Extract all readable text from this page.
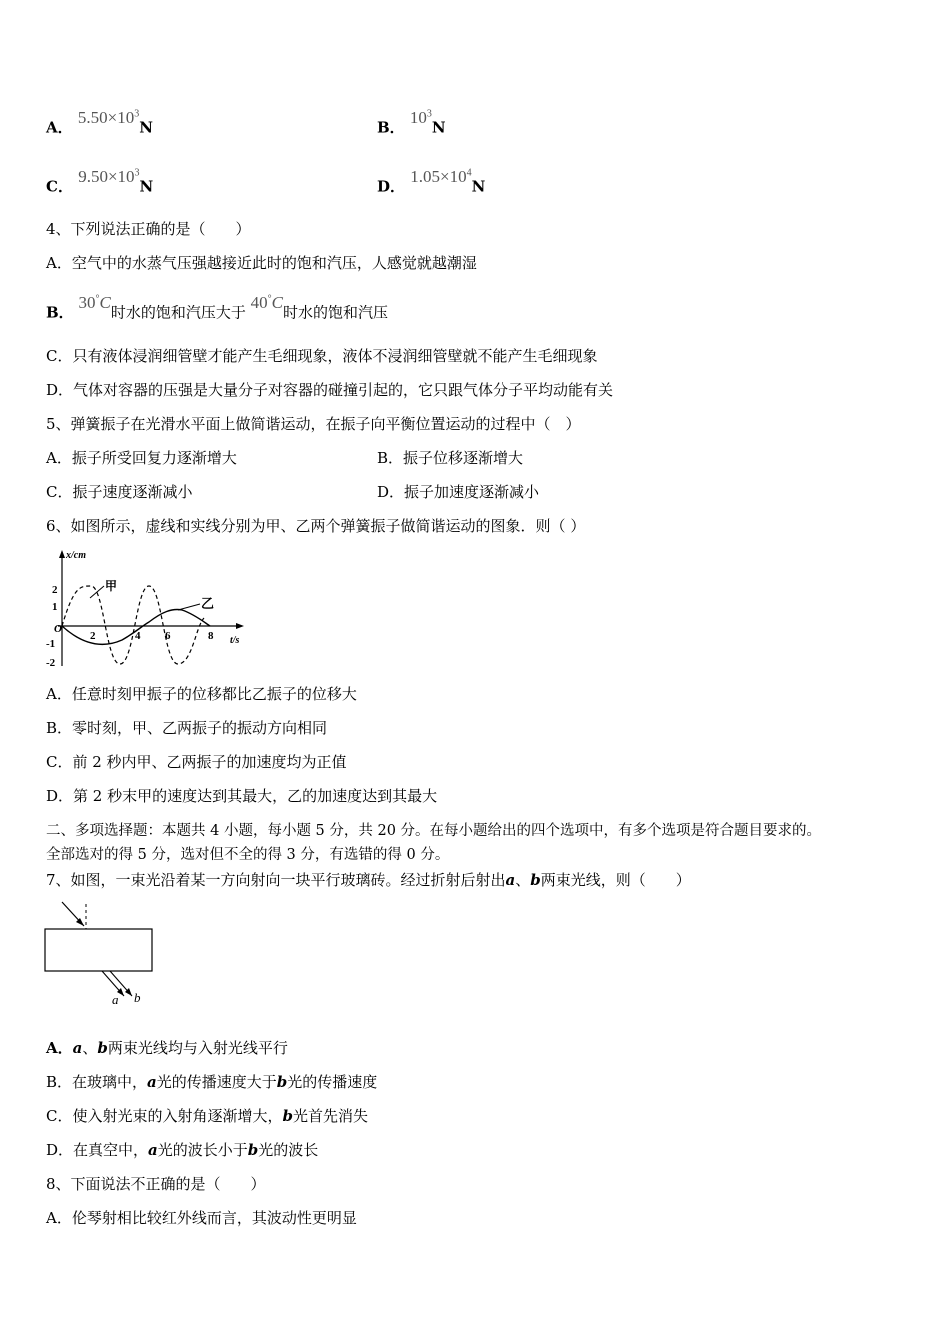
A． $5.50\times 10^3N$	B． $10^3N$
C． $9.50\times 10^3N$	D． $1.05\times 10^4N$
4、下列说法正确的是（　　）
A．空气中的水蒸气压强越接近此时的饱和汽压，人感觉就越潮湿
B． 30°C时水的饱和汽压大于 40°C时水的饱和汽压
C．只有液体浸润细管壁才能产生毛细现象，液体不浸润细管壁就不能产生毛细现象
D．气体对容器的压强是大量分子对容器的碰撞引起的，它只跟气体分子平均动能有关
5、弹簧振子在光滑水平面上做简谐运动，在振子向平衡位置运动的过程中（　）
A．振子所受回复力逐渐增大	B．振子位移逐渐增大
C．振子速度逐渐减小	D．振子加速度逐渐减小
6、如图所示，虚线和实线分别为甲、乙两个弹簧振子做简谐运动的图象．则（ ）
x/cm
t/s
O
2
1
-1
-2
2	4 6	8
甲
乙
A．任意时刻甲振子的位移都比乙振子的位移大
B．零时刻，甲、乙两振子的振动方向相同
C．前 2 秒内甲、乙两振子的加速度均为正值
D．第 2 秒末甲的速度达到其最大，乙的加速度达到其最大
二、多项选择题：本题共 4 小题，每小题 5 分，共 20 分。在每小题给出的四个选项中，有多个选项是符合题目要求的。
全部选对的得 5 分，选对但不全的得 3 分，有选错的得 0 分。
7、如图，一束光沿着某一方向射向一块平行玻璃砖。经过折射后射出a、b两束光线，则（　　）
a b
A．a、b两束光线均与入射光线平行
B．在玻璃中，a光的传播速度大于b光的传播速度
C．使入射光束的入射角逐渐增大，b光首先消失
D．在真空中，a光的波长小于b光的波长
8、下面说法不正确的是（　　）
A．伦琴射相比较红外线而言，其波动性更明显
